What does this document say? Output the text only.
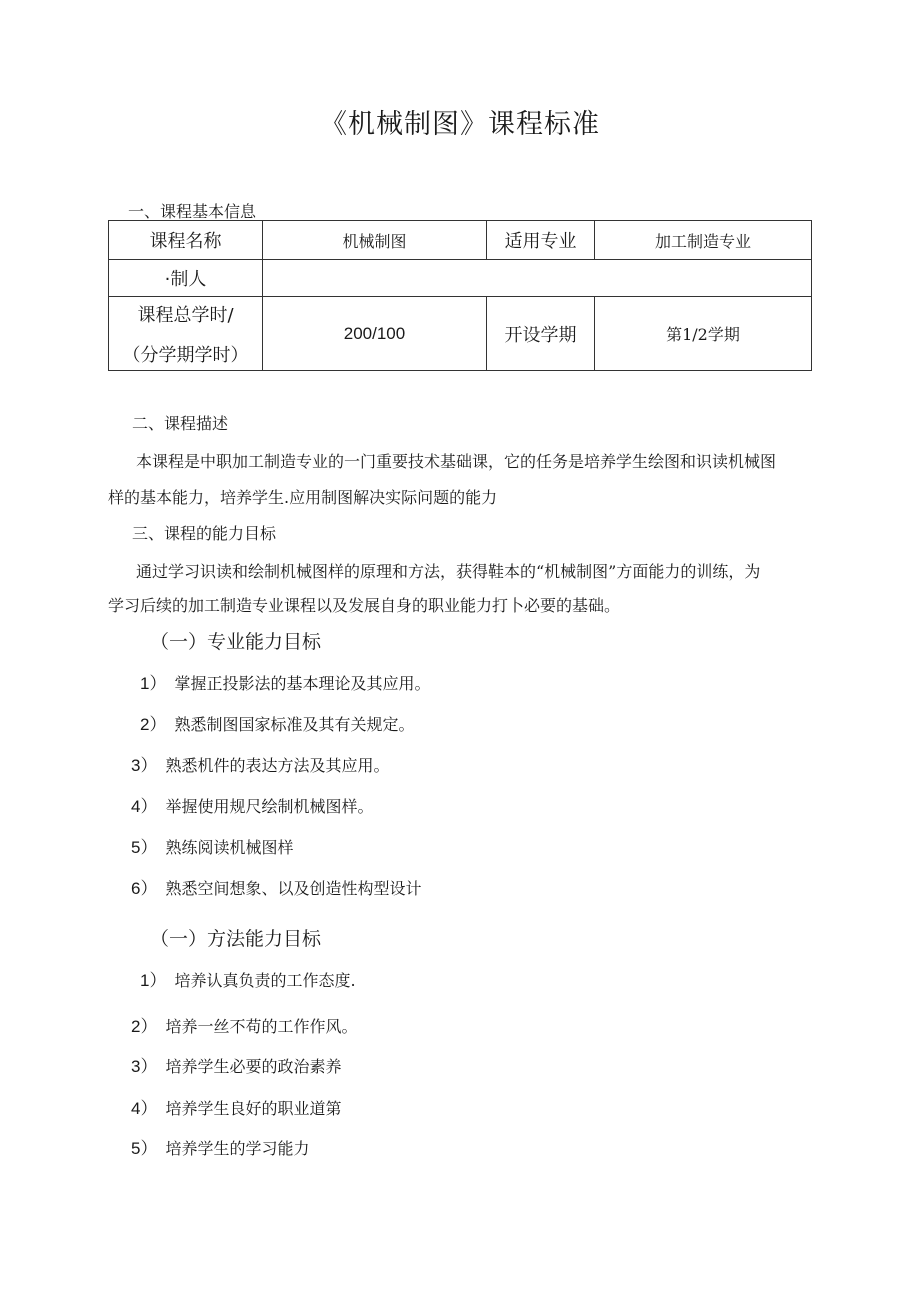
《机械制图》课程标准
一、课程基本信息
课程名称	机械制图	适用专业	加工制造专业
·制人			

课程总学时/
（分学期学时）	200/100	开设学期	第1/2学期
二、课程描述
本课程是中职加工制造专业的一门重要技术基础课，它的任务是培养学生绘图和识读机械图
样的基本能力，培养学生.应用制图解决实际问题的能力
三、课程的能力目标
通过学习识读和绘制机械图样的原理和方法，获得鞋本的“机械制图”方面能力的训练，为
学习后续的加工制造专业课程以及发展自身的职业能力打卜必要的基础。
（一）专业能力目标
1） 掌握正投影法的基本理论及其应用。
2） 熟悉制图国家标准及其有关规定。
3） 熟悉机件的表达方法及其应用。
4） 举握使用规尺绘制机械图样。
5） 熟练阅读机械图样
6） 熟悉空间想象、以及创造性构型设计
（一）方法能力目标
1） 培养认真负责的工作态度.
2） 培养一丝不苟的工作作风。
3） 培养学生必要的政治素养
4） 培养学生良好的职业道第
5） 培养学生的学习能力
